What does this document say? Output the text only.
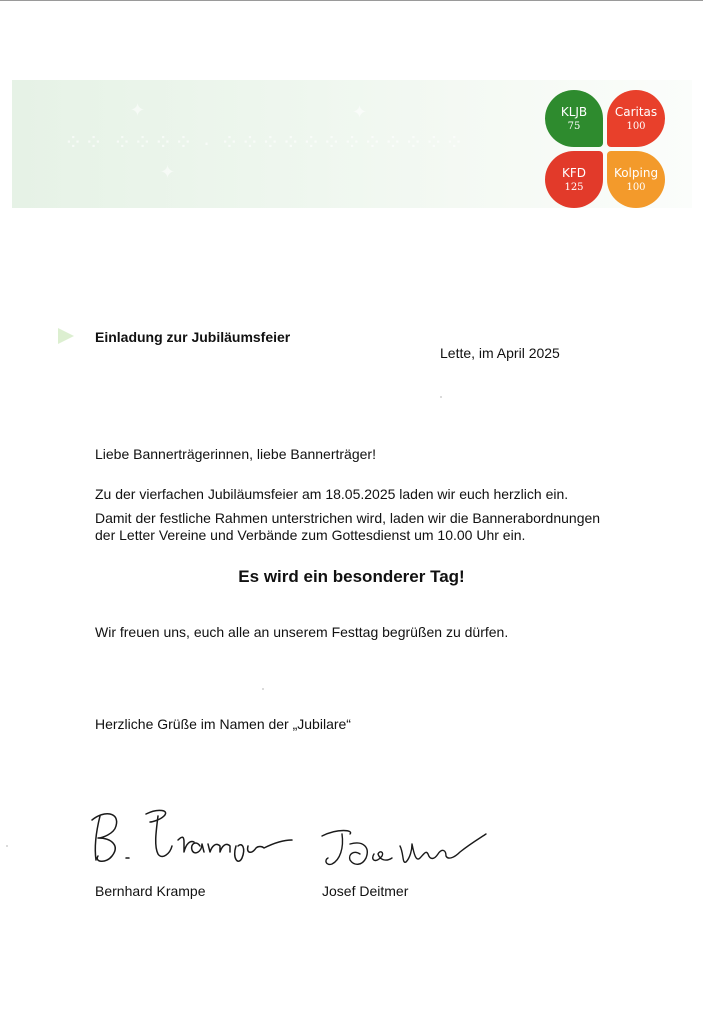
⁘⁘ ⁘⁘⁘⁘ · ⁘⁘⁘⁘⁘⁘⁘⁘⁘⁘⁘⁘
✦	✦
✦
KLJB
75
Caritas
100
KFD
125
Kolping
100
Einladung zur Jubiläumsfeier
Lette, im April 2025
Liebe Bannerträgerinnen, liebe Bannerträger!
Zu der vierfachen Jubiläumsfeier am 18.05.2025 laden wir euch herzlich ein.
Damit der festliche Rahmen unterstrichen wird, laden wir die Bannerabordnungen
der Letter Vereine und Verbände zum Gottesdienst um 10.00 Uhr ein.
Es wird ein besonderer Tag!
Wir freuen uns, euch alle an unserem Festtag begrüßen zu dürfen.
Herzliche Grüße im Namen der „Jubilare“
Bernhard Krampe	Josef Deitmer
